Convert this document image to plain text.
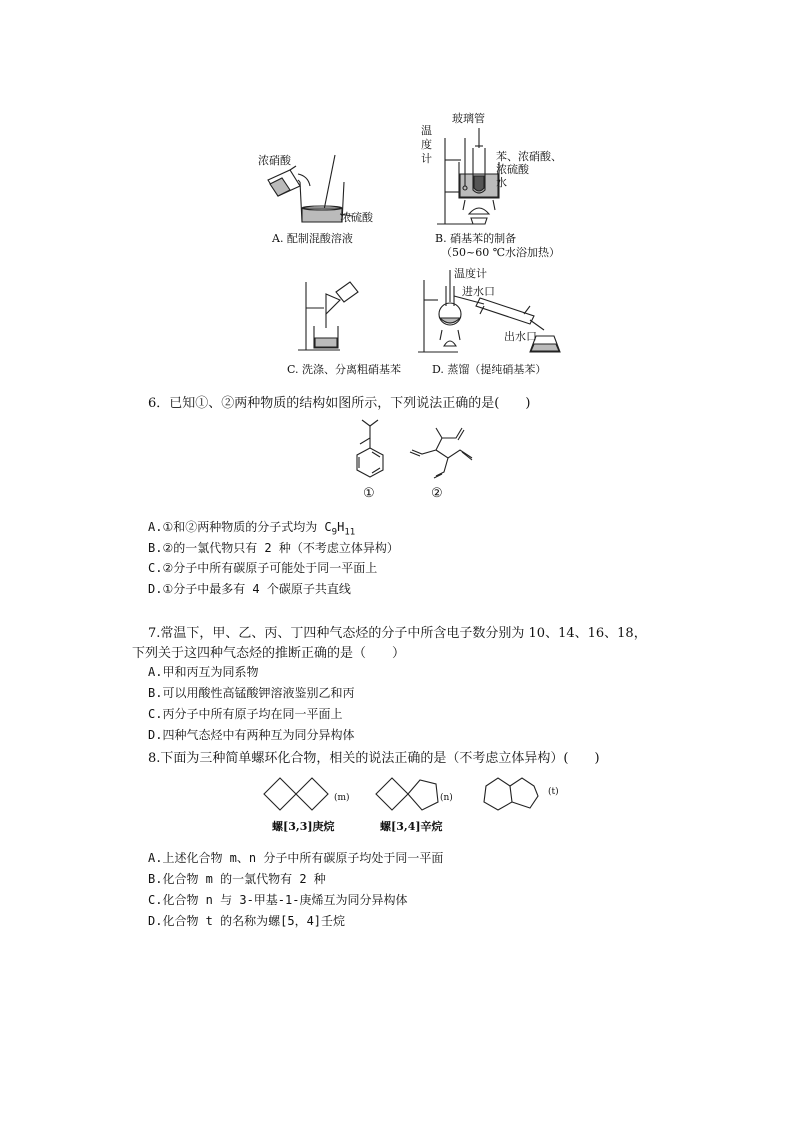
浓硝酸
浓硫酸
A. 配制混酸溶液
玻璃管
温
度
计	苯、浓硝酸、
浓硫酸
水
B. 硝基苯的制备
（50~60 ℃水浴加热）
C. 洗涤、分离粗硝基苯
温度计
进水口
出水口
D. 蒸馏（提纯硝基苯）
6．已知①、②两种物质的结构如图所示，下列说法正确的是(　　)
①	②
A.①和②两种物质的分子式均为 $C_9H_{11}$
B.②的一氯代物只有 2 种（不考虑立体异构）
C.②分子中所有碳原子可能处于同一平面上
D.①分子中最多有 4 个碳原子共直线
7.常温下，甲、乙、丙、丁四种气态烃的分子中所含电子数分别为 10、14、16、18，
下列关于这四种气态烃的推断正确的是（　　）
A.甲和丙互为同系物
B.可以用酸性高锰酸钾溶液鉴别乙和丙
C.丙分子中所有原子均在同一平面上
D.四种气态烃中有两种互为同分异构体
8.下面为三种简单螺环化合物，相关的说法正确的是（不考虑立体异构）(　　)
(m)	(n)
(t)
螺[3,3]庚烷	螺[3,4]辛烷
A.上述化合物 m、n 分子中所有碳原子均处于同一平面
B.化合物 m 的一氯代物有 2 种
C.化合物 n 与 3-甲基-1-庚烯互为同分异构体
D.化合物 t 的名称为螺[5，4]壬烷
